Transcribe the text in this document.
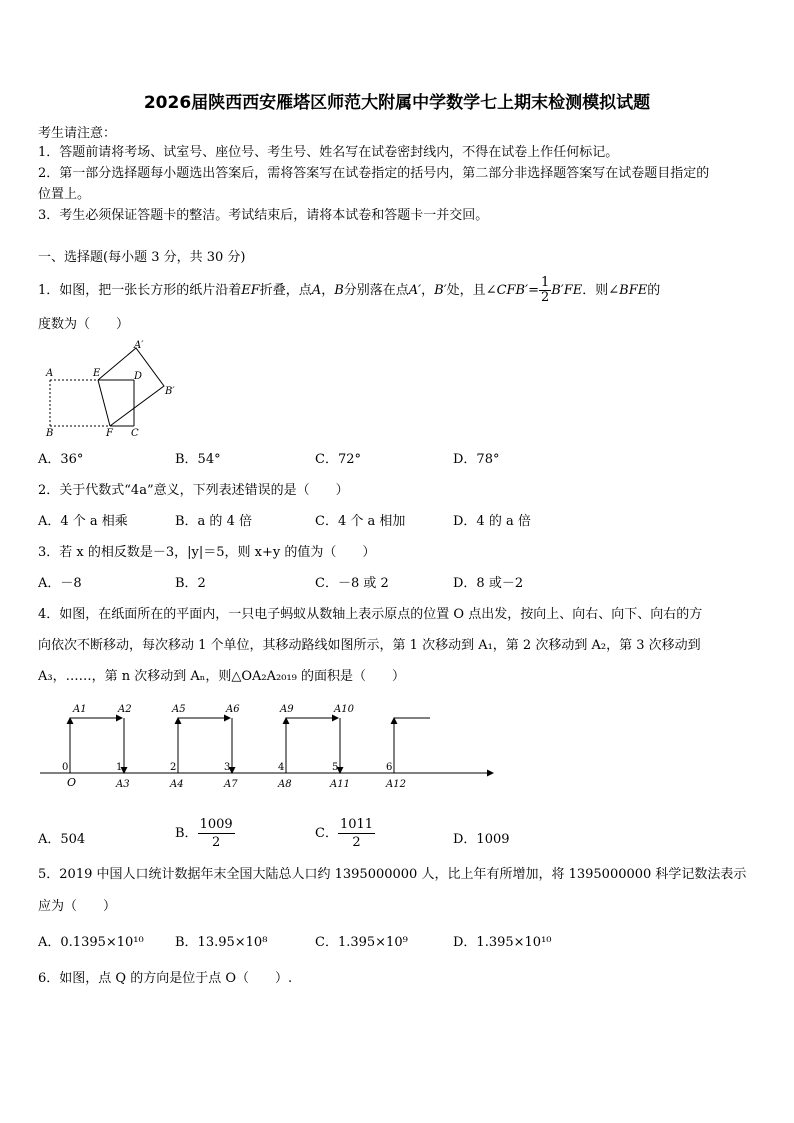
2026届陕西西安雁塔区师范大附属中学数学七上期末检测模拟试题
考生请注意：
1．答题前请将考场、试室号、座位号、考生号、姓名写在试卷密封线内，不得在试卷上作任何标记。
2．第一部分选择题每小题选出答案后，需将答案写在试卷指定的括号内，第二部分非选择题答案写在试卷题目指定的
位置上。
3．考生必须保证答题卡的整洁。考试结束后，请将本试卷和答题卡一并交回。
一、选择题(每小题 3 分，共 30 分)
1．如图，把一张长方形的纸片沿着EF折叠，点A，B分别落在点A′，B′处，且∠CFB′= $\frac{1}{2} B'FE$．则∠BFE的
度数为（　　）
A
A′
E	D
B′
B	F C
A．36°	B．54°	C．72°	D．78°
2．关于代数式“4a”意义，下列表述错误的是（　　）
A．4 个 a 相乘	B．a 的 4 倍	C．4 个 a 相加	D．4 的 a 倍
3．若 x 的相反数是－3，|y|＝5，则 x+y 的值为（　　）
A．－8	B．2	C．－8 或 2	D．8 或－2
4．如图，在纸面所在的平面内，一只电子蚂蚁从数轴上表示原点的位置 O 点出发，按向上、向右、向下、向右的方
向依次不断移动，每次移动 1 个单位，其移动路线如图所示，第 1 次移动到 A₁，第 2 次移动到 A₂，第 3 次移动到
A₃，……，第 n 次移动到 Aₙ，则△OA₂A₂₀₁₉ 的面积是（　　）
0	1	2	3	4	5	6
O
A1	A2	A5	A6	A9	A10
A3	A4	A7	A8	A11	A12
A．504	B． $\frac{1009}{2}$	C． $\frac{1011}{2}$	D．1009
5．2019 中国人口统计数据年末全国大陆总人口约 1395000000 人，比上年有所增加，将 1395000000 科学记数法表示
应为（　　）
A．0.1395×10¹⁰ B．13.95×10⁸	C．1.395×10⁹	D．1.395×10¹⁰
6．如图，点 Q 的方向是位于点 O（　　）.
